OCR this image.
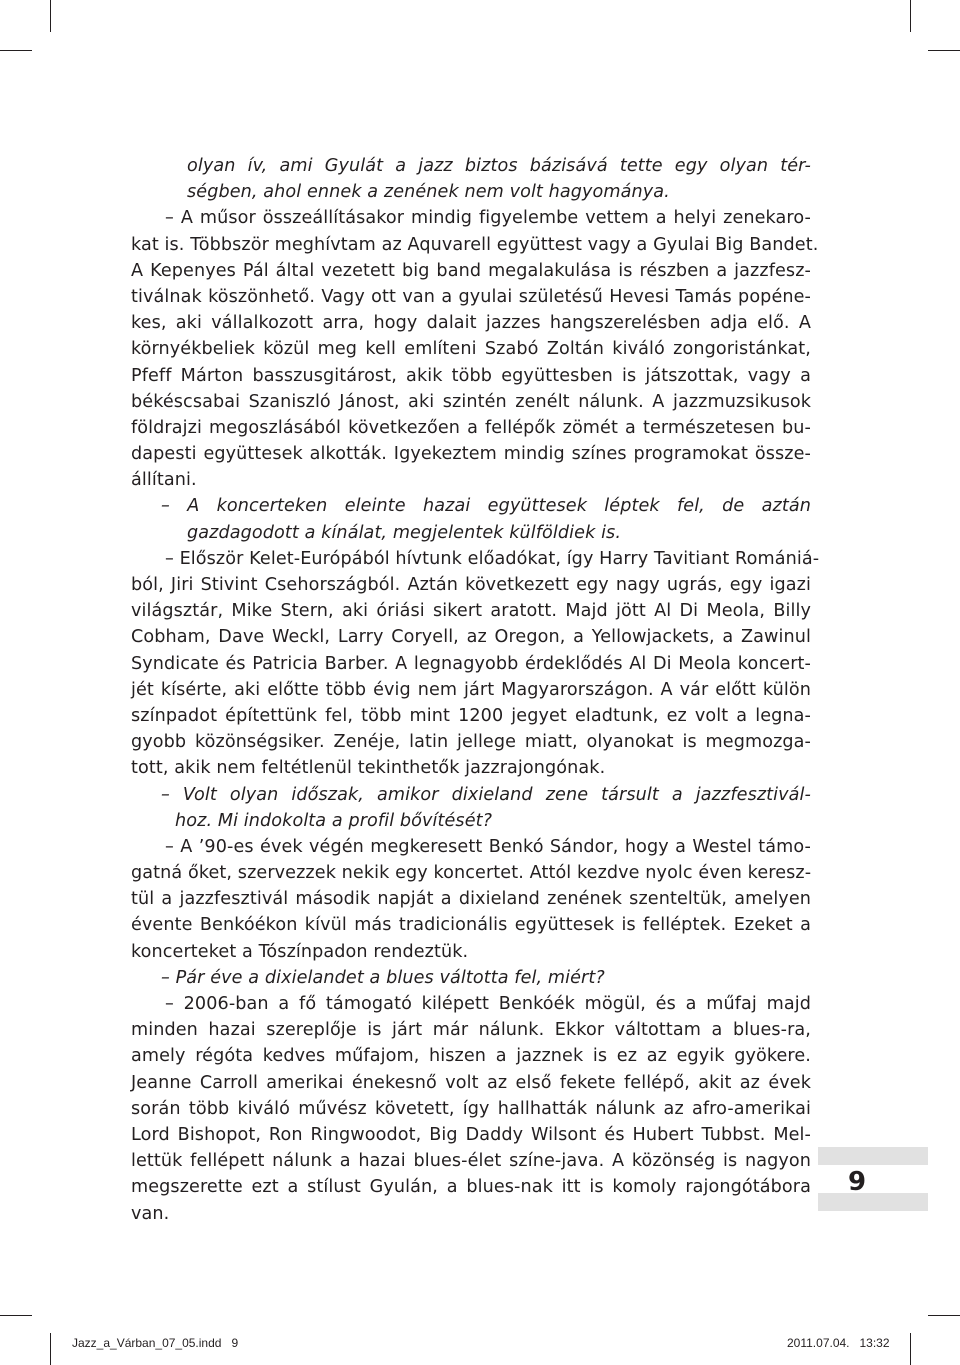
olyan ív, ami Gyulát a jazz biztos bázisává tette egy olyan tér-
ségben, ahol ennek a zenének nem volt hagyománya.
– A műsor összeállításakor mindig figyelembe vettem a helyi zenekaro-
kat is. Többször meghívtam az Aquvarell együttest vagy a Gyulai Big Bandet.
A Kepenyes Pál által vezetett big band megalakulása is részben a jazzfesz-
tiválnak köszönhető. Vagy ott van a gyulai születésű Hevesi Tamás popéne-
kes, aki vállalkozott arra, hogy dalait jazzes hangszerelésben adja elő. A
környékbeliek közül meg kell említeni Szabó Zoltán kiváló zongoristánkat,
Pfeff Márton basszusgitárost, akik több együttesben is játszottak, vagy a
békéscsabai Szaniszló Jánost, aki szintén zenélt nálunk. A jazzmuzsikusok
földrajzi megoszlásából következően a fellépők zömét a természetesen bu-
dapesti együttesek alkották. Igyekeztem mindig színes programokat össze-
állítani.
– A koncerteken eleinte hazai együttesek léptek fel, de aztán
gazdagodott a kínálat, megjelentek külföldiek is.
– Először Kelet-Európából hívtunk előadókat, így Harry Tavitiant Romániá-
ból, Jiri Stivint Csehországból. Aztán következett egy nagy ugrás, egy igazi
világsztár, Mike Stern, aki óriási sikert aratott. Majd jött Al Di Meola, Billy
Cobham, Dave Weckl, Larry Coryell, az Oregon, a Yellowjackets, a Zawinul
Syndicate és Patricia Barber. A legnagyobb érdeklődés Al Di Meola koncert-
jét kísérte, aki előtte több évig nem járt Magyarországon. A vár előtt külön
színpadot építettünk fel, több mint 1200 jegyet eladtunk, ez volt a legna-
gyobb közönségsiker. Zenéje, latin jellege miatt, olyanokat is megmozga-
tott, akik nem feltétlenül tekinthetők jazzrajongónak.
– Volt olyan időszak, amikor dixieland zene társult a jazzfesztivál-
hoz. Mi indokolta a profil bővítését?
– A ’90-es évek végén megkeresett Benkó Sándor, hogy a Westel támo-
gatná őket, szervezzek nekik egy koncertet. Attól kezdve nyolc éven keresz-
tül a jazzfesztivál második napját a dixieland zenének szenteltük, amelyen
évente Benkóékon kívül más tradicionális együttesek is felléptek. Ezeket a
koncerteket a Tószínpadon rendeztük.
– Pár éve a dixielandet a blues váltotta fel, miért?
– 2006-ban a fő támogató kilépett Benkóék mögül, és a műfaj majd
minden hazai szereplője is járt már nálunk. Ekkor váltottam a blues-ra,
amely régóta kedves műfajom, hiszen a jazznek is ez az egyik gyökere.
Jeanne Carroll amerikai énekesnő volt az első fekete fellépő, akit az évek
során több kiváló művész követett, így hallhatták nálunk az afro-amerikai
Lord Bishopot, Ron Ringwoodot, Big Daddy Wilsont és Hubert Tubbst. Mel-
lettük fellépett nálunk a hazai blues-élet színe-java. A közönség is nagyon
megszerette ezt a stílust Gyulán, a blues-nak itt is komoly rajongótábora
van.
9
Jazz_a_Várban_07_05.indd   9	2011.07.04.   13:32
